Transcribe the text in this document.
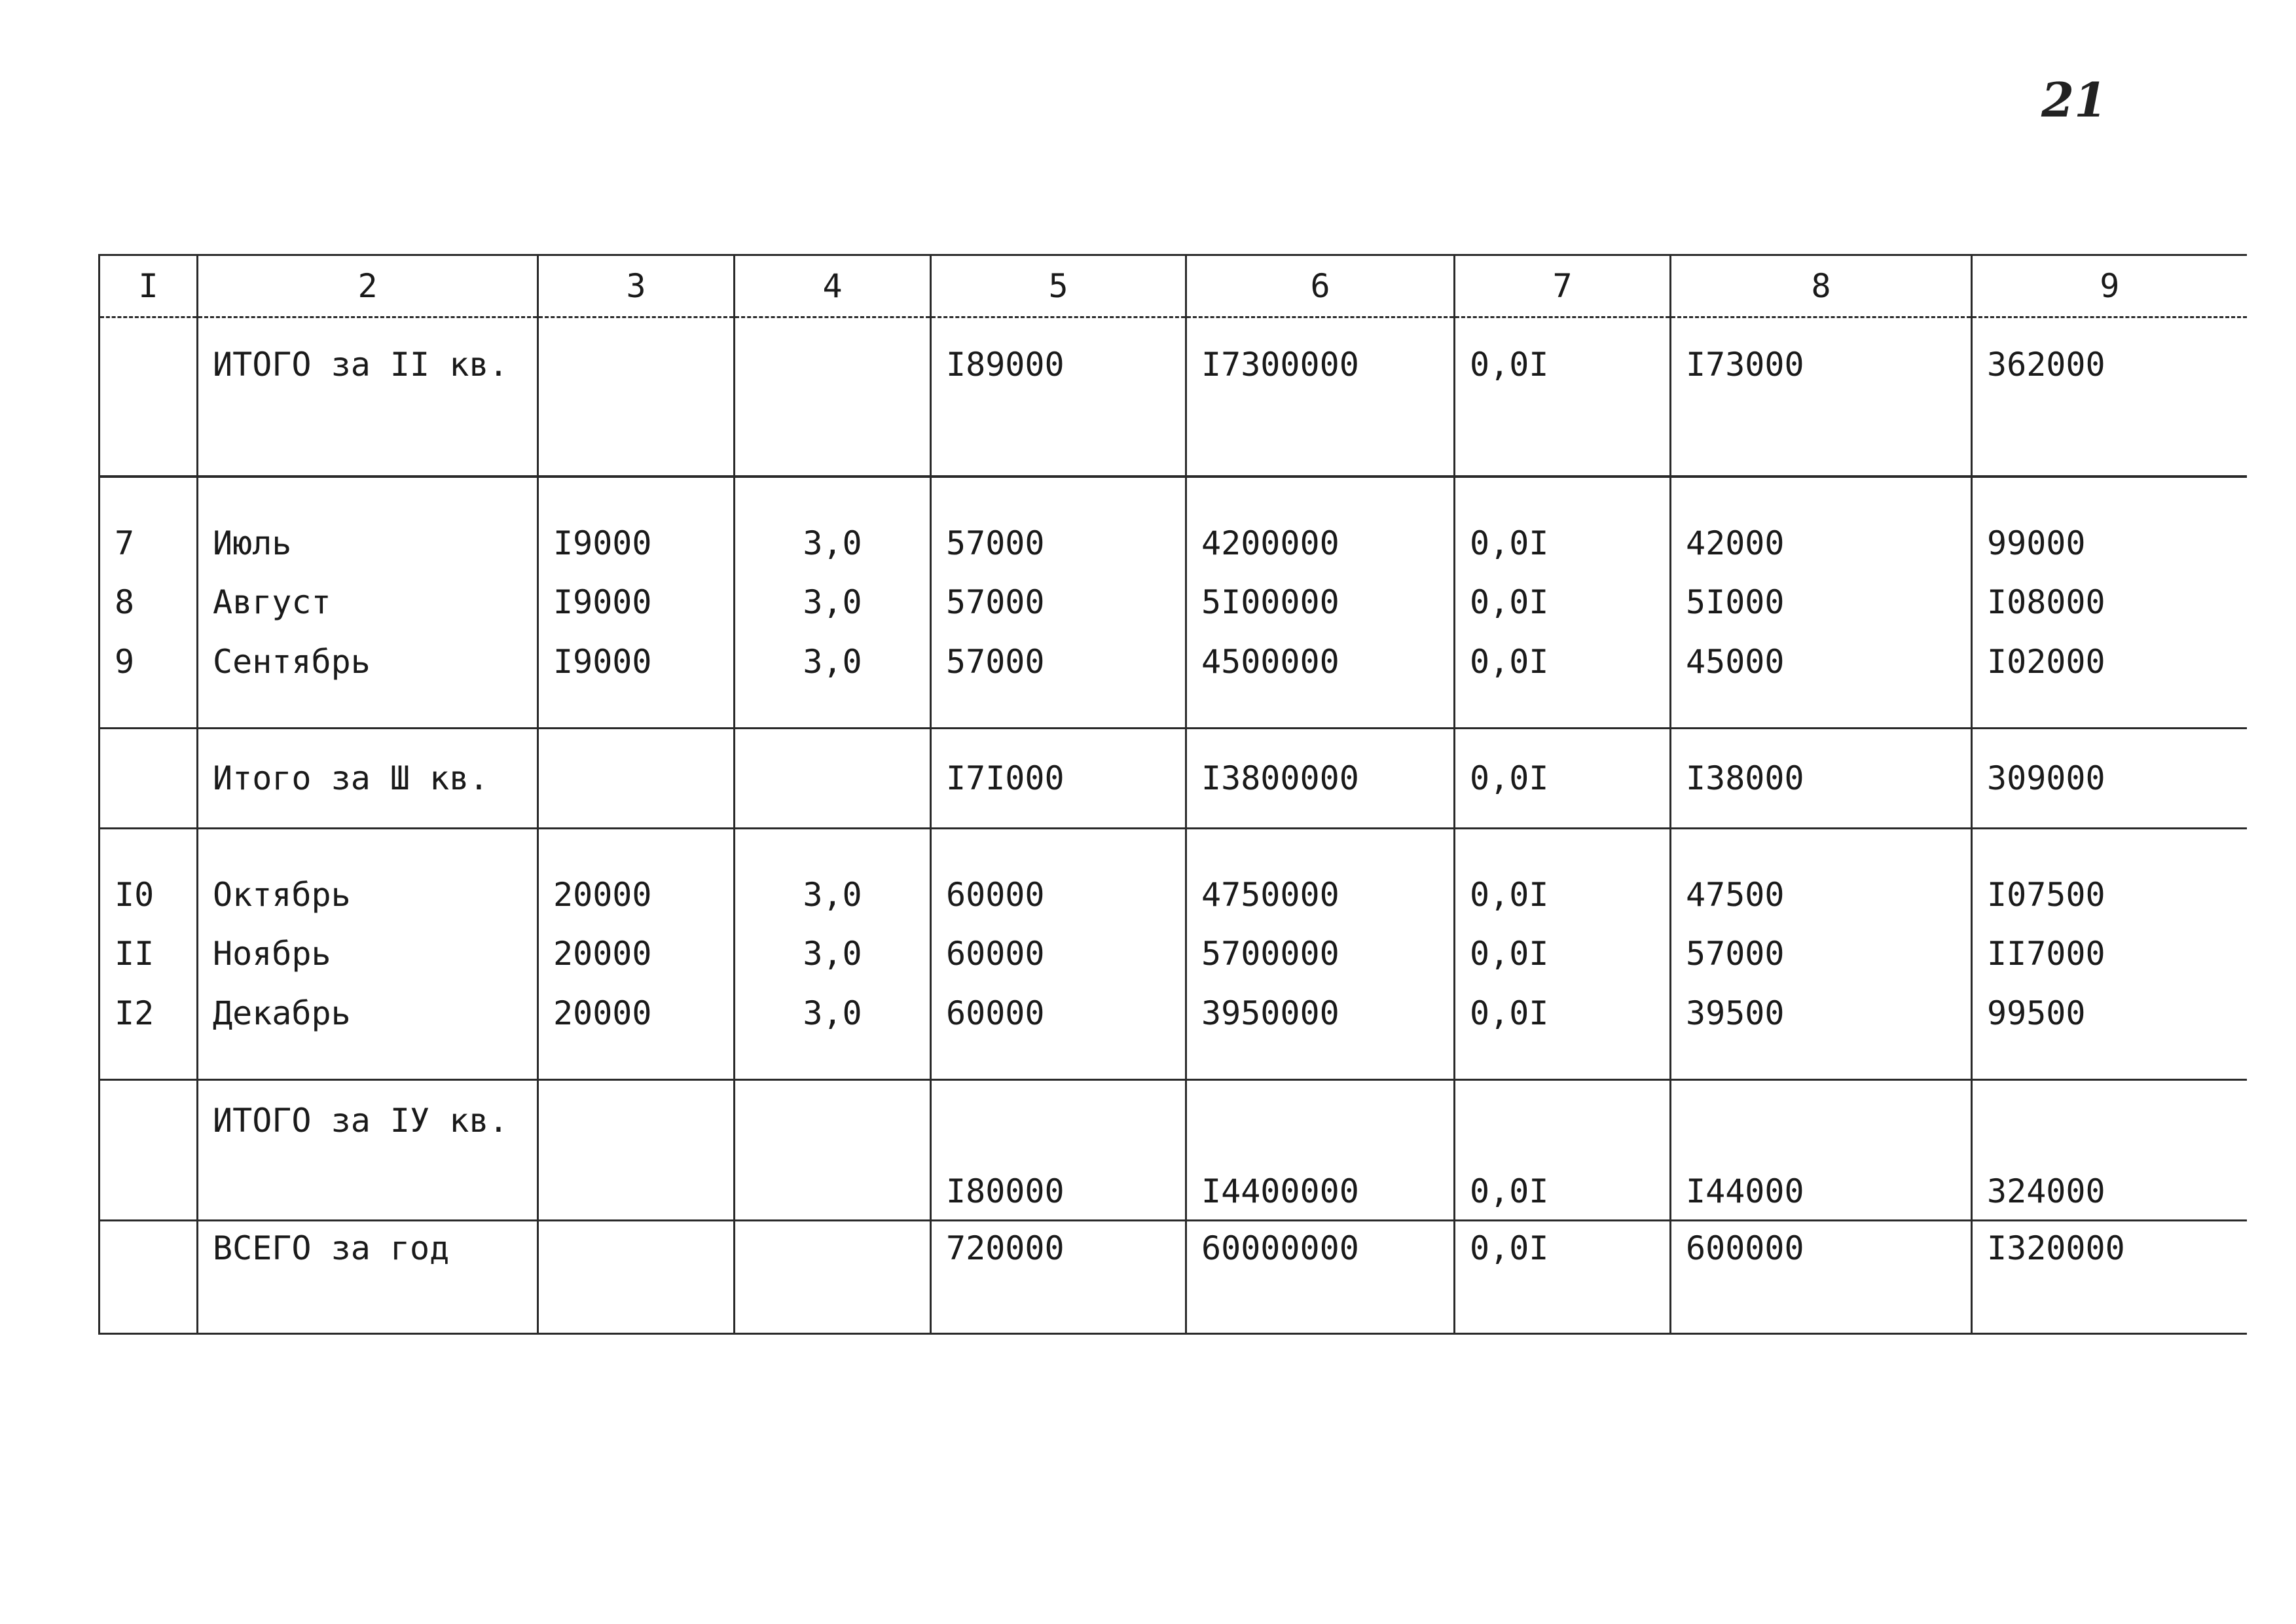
21
I	2	3	4	5	6	7	8	9
	ИТОГО за II кв.			I89000	I7300000	0,0I	I73000	362000
7	Июль	I9000	3,0	57000	4200000	0,0I	42000	99000
8	Август	I9000	3,0	57000	5I00000	0,0I	5I000	I08000
9	Сентябрь	I9000	3,0	57000	4500000	0,0I	45000	I02000
	Итого за Ш кв.			I7I000	I3800000	0,0I	I38000	309000
I0	Октябрь	20000	3,0	60000	4750000	0,0I	47500	I07500
II	Ноябрь	20000	3,0	60000	5700000	0,0I	57000	II7000
I2	Декабрь	20000	3,0	60000	3950000	0,0I	39500	99500
	ИТОГО за IУ кв.			I80000	I4400000	0,0I	I44000	324000
	ВСЕГО за год			720000	60000000	0,0I	600000	I320000
